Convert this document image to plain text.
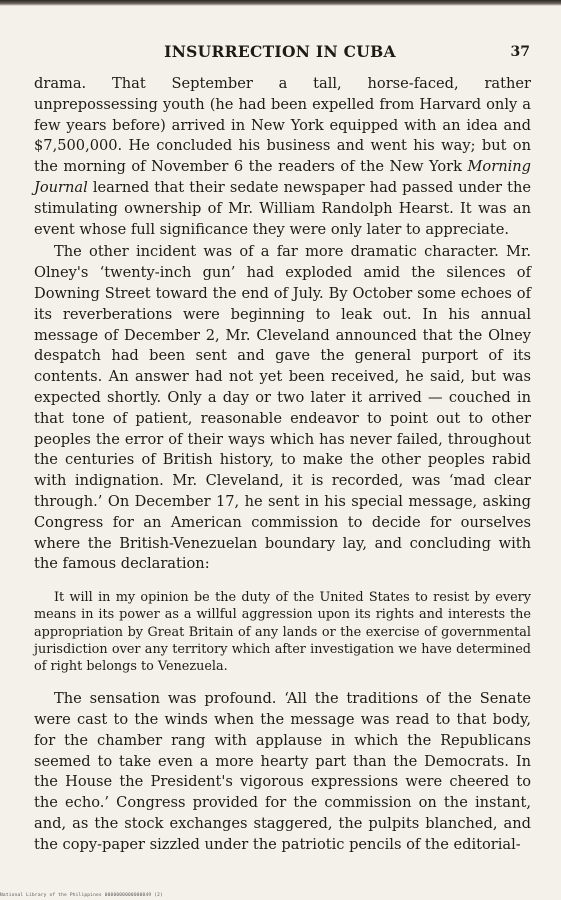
INSURRECTION IN CUBA	37

drama. That September a tall, horse-faced, rather unprepossessing youth (he had been expelled from Harvard only a few years before) arrived in New York equipped with an idea and $7,500,000. He concluded his business and went his way; but on the morning of November 6 the readers of the New York Morning Journal learned that their sedate newspaper had passed under the stimulating ownership of Mr. William Randolph Hearst. It was an event whose full significance they were only later to appreciate.

The other incident was of a far more dramatic character. Mr. Olney's ‘twenty-inch gun’ had exploded amid the silences of Downing Street toward the end of July. By October some echoes of its reverberations were beginning to leak out. In his annual message of December 2, Mr. Cleveland announced that the Olney despatch had been sent and gave the general purport of its contents. An answer had not yet been received, he said, but was expected shortly. Only a day or two later it arrived — couched in that tone of patient, reasonable endeavor to point out to other peoples the error of their ways which has never failed, throughout the centuries of British history, to make the other peoples rabid with indignation. Mr. Cleveland, it is recorded, was ‘mad clear through.’ On December 17, he sent in his special message, asking Congress for an American commission to decide for ourselves where the British-Venezuelan boundary lay, and concluding with the famous declaration:

It will in my opinion be the duty of the United States to resist by every means in its power as a willful aggression upon its rights and interests the appropriation by Great Britain of any lands or the exercise of governmental jurisdiction over any territory which after investigation we have determined of right belongs to Venezuela.

The sensation was profound. ‘All the traditions of the Senate were cast to the winds when the message was read to that body, for the chamber rang with applause in which the Republicans seemed to take even a more hearty part than the Democrats. In the House the President's vigorous expressions were cheered to the echo.’ Congress provided for the commission on the instant, and, as the stock exchanges staggered, the pulpits blanched, and the copy-paper sizzled under the patriotic pencils of the editorial-

National Library of the Philippines 0000000000000049 (2)
